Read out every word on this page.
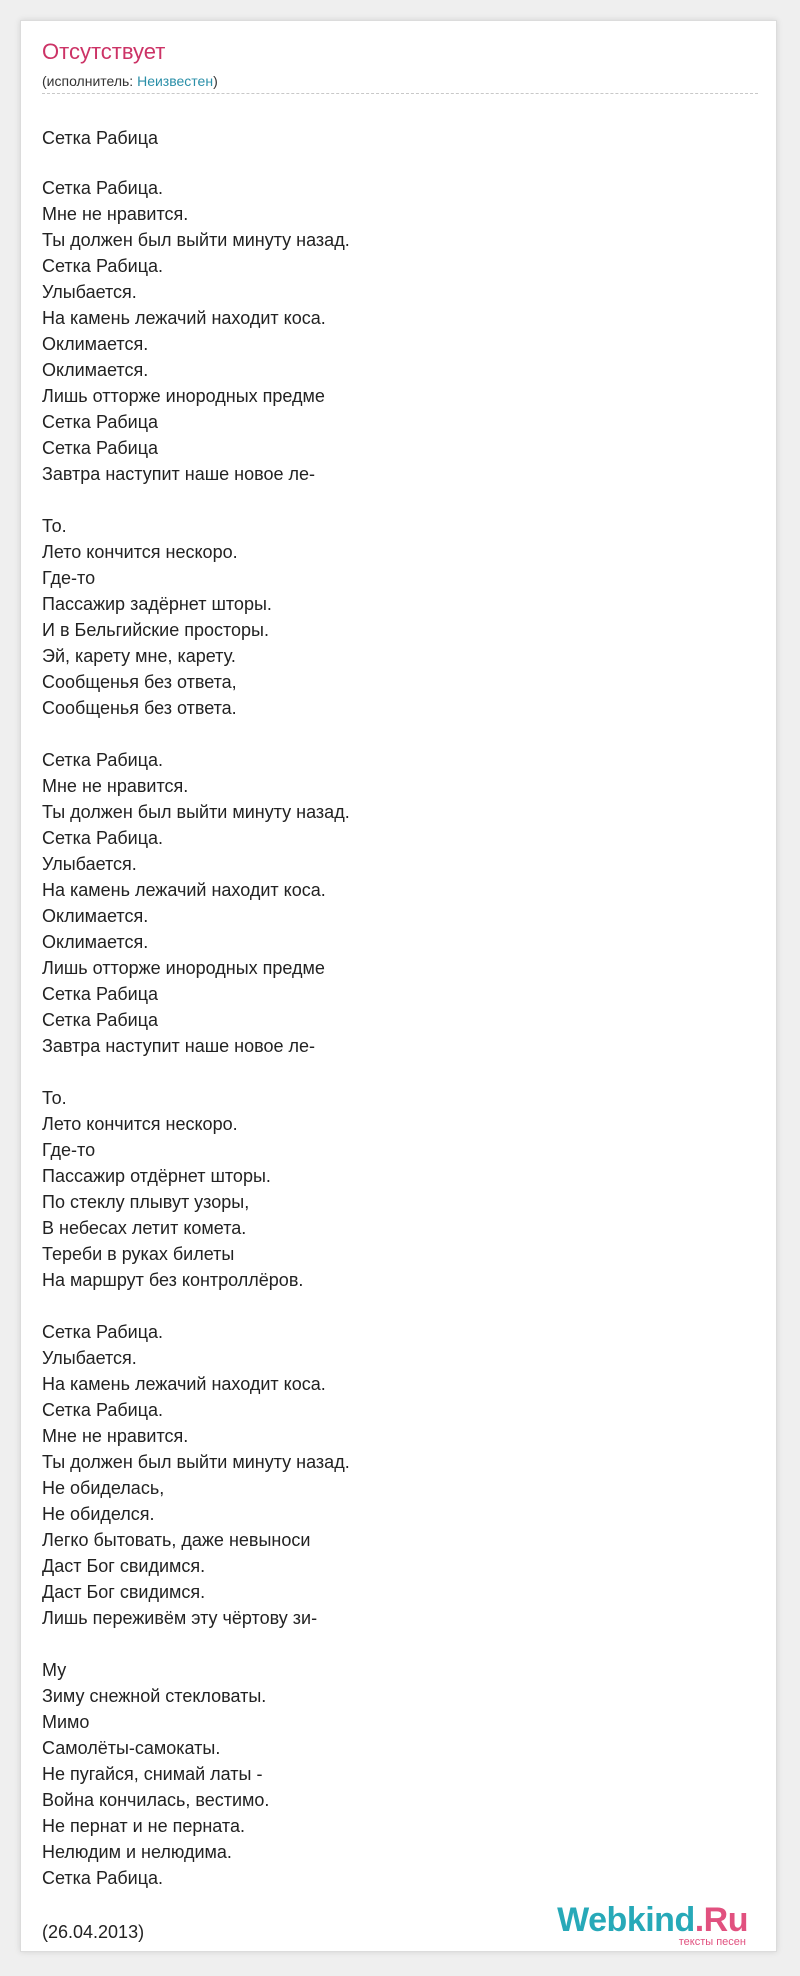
Отсутствует
(исполнитель: Неизвестен)
Сетка Рабица
Сетка Рабица.
Мне не нравится.
Ты должен был выйти минуту назад.
Сетка Рабица.
Улыбается.
На камень лежачий находит коса.
Оклимается.
Оклимается.
Лишь отторже инородных предме
Сетка Рабица
Сетка Рабица
Завтра наступит наше новое ле-
То.
Лето кончится нескоро.
Где-то
Пассажир задёрнет шторы.
И в Бельгийские просторы.
Эй, карету мне, карету.
Сообщенья без ответа,
Сообщенья без ответа.
Сетка Рабица.
Мне не нравится.
Ты должен был выйти минуту назад.
Сетка Рабица.
Улыбается.
На камень лежачий находит коса.
Оклимается.
Оклимается.
Лишь отторже инородных предме
Сетка Рабица
Сетка Рабица
Завтра наступит наше новое ле-
То.
Лето кончится нескоро.
Где-то
Пассажир отдёрнет шторы.
По стеклу плывут узоры,
В небесах летит комета.
Тереби в руках билеты
На маршрут без контроллёров.
Сетка Рабица.
Улыбается.
На камень лежачий находит коса.
Сетка Рабица.
Мне не нравится.
Ты должен был выйти минуту назад.
Не обиделась,
Не обиделся.
Легко бытовать, даже невыноси
Даст Бог свидимся.
Даст Бог свидимся.
Лишь переживём эту чёртову зи-
Му
Зиму снежной стекловаты.
Мимо
Самолёты-самокаты.
Не пугайся, снимай латы -
Война кончилась, вестимо.
Не пернат и не перната.
Нелюдим и нелюдима.
Сетка Рабица.
(26.04.2013)	Webkind.Ru
тексты песен
